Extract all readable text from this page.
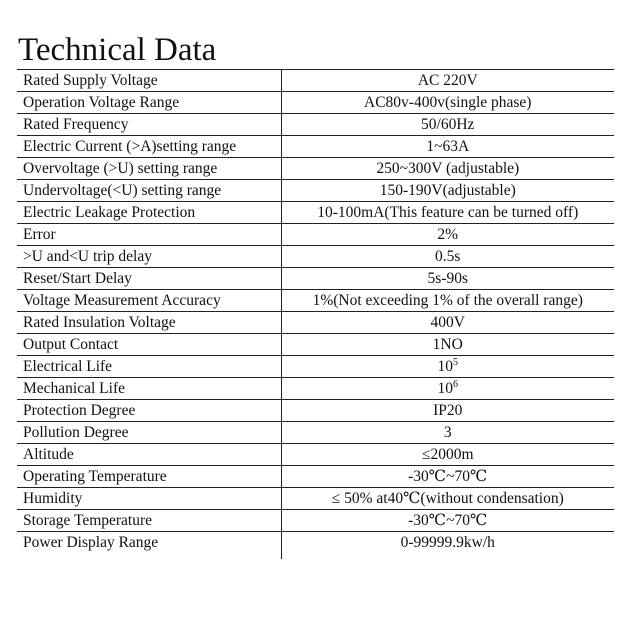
Technical Data
Rated Supply Voltage	AC 220V
Operation Voltage Range	AC80v-400v(single phase)
Rated Frequency	50/60Hz
Electric Current (>A)setting range	1~63A
Overvoltage (>U) setting range	250~300V (adjustable)
Undervoltage(<U) setting range	150-190V(adjustable)
Electric Leakage Protection	10-100mA(This feature can be turned off)
Error	2%
>U and<U trip delay	0.5s
Reset/Start Delay	5s-90s
Voltage Measurement Accuracy	1%(Not exceeding 1% of the overall range)
Rated Insulation Voltage	400V
Output Contact	1NO
Electrical Life	$10^5$
Mechanical Life	$10^6$
Protection Degree	IP20
Pollution Degree	3
Altitude	≤2000m
Operating Temperature	-30℃~70℃
Humidity	≤ 50% at40℃(without condensation)
Storage Temperature	-30℃~70℃
Power Display Range	0-99999.9kw/h
